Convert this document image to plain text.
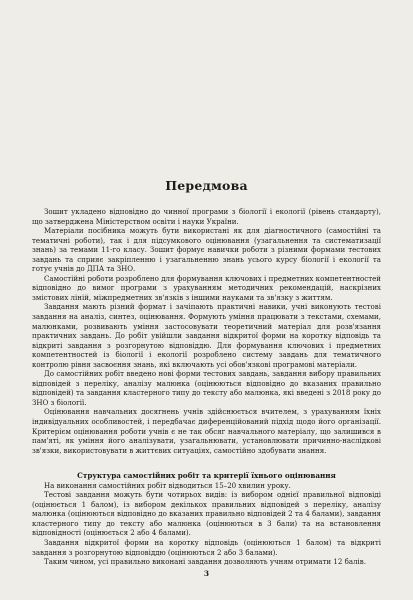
Передмова

Зошит укладено відповідно до чинної програми з біології і екології (рівень стандарту), що затверджена Міністерством освіти і науки України.

Матеріали посібника можуть бути використані як для діагностичного (самостійні та тематичні роботи), так і для підсумкового оцінювання (узагальнення та систематизації знань) за темами 11-го класу. Зошит формує навички роботи з різними формами тестових завдань та сприяє закріпленню і узагальненню знань усього курсу біології і екології та готує учнів до ДПА та ЗНО.

Самостійні роботи розроблено для формування ключових і предметних компетентностей відповідно до вимог програми з урахуванням методичних рекомендацій, наскрізних змістових ліній, міжпредметних зв'язків з іншими науками та зв'язку з життям.

Завдання мають різний формат і зачіпають практичні навики, учні виконують тестові завдання на аналіз, синтез, оцінювання. Формують уміння працювати з текстами, схемами, малюнками, розвивають уміння застосовувати теоретичний матеріал для розв'язання практичних завдань. До робіт увійшли завдання відкритої форми на коротку відповідь та відкриті завдання з розгорнутою відповіддю. Для формування ключових і предметних компетентностей із біології і екології розроблено систему завдань для тематичного контролю рівня засвоєння знань, які включають усі обов'язкові програмові матеріали.

До самостійних робіт введено нові форми тестових завдань, завдання вибору правильних відповідей з переліку, аналізу малюнка (оцінюються відповідно до вказаних правильно відповідей) та завдання кластерного типу до тексту або малюнка, які введені з 2018 року до ЗНО з біології.

Оцінювання навчальних досягнень учнів здійснюється вчителем, з урахуванням їхніх індивідуальних особливостей, і передбачає диференційований підхід щодо його організації. Критерієм оцінювання роботи учнів є не так обсяг навчального матеріалу, що залишився в пам'яті, як уміння його аналізувати, узагальнювати, установлювати причинно-наслідкові зв'язки, використовувати в життєвих ситуаціях, самостійно здобувати знання.

Структура самостійних робіт та критерії їхнього оцінювання

На виконання самостійних робіт відводиться 15–20 хвилин уроку.

Тестові завдання можуть бути чотирьох видів: із вибором однієї правильної відповіді (оцінюється 1 балом), із вибором декількох правильних відповідей з переліку, аналізу малюнка (оцінюються відповідно до вказаних правильно відповідей 2 та 4 балами), завдання кластерного типу до тексту або малюнка (оцінюються в 3 бали) та на встановлення відповідності (оцінюється 2 або 4 балами).

Завдання відкритої форми на коротку відповідь (оцінюються 1 балом) та відкриті завдання з розгорнутою відповіддю (оцінюються 2 або 3 балами).

Таким чином, усі правильно виконані завдання дозволяють учням отримати 12 балів.

3
